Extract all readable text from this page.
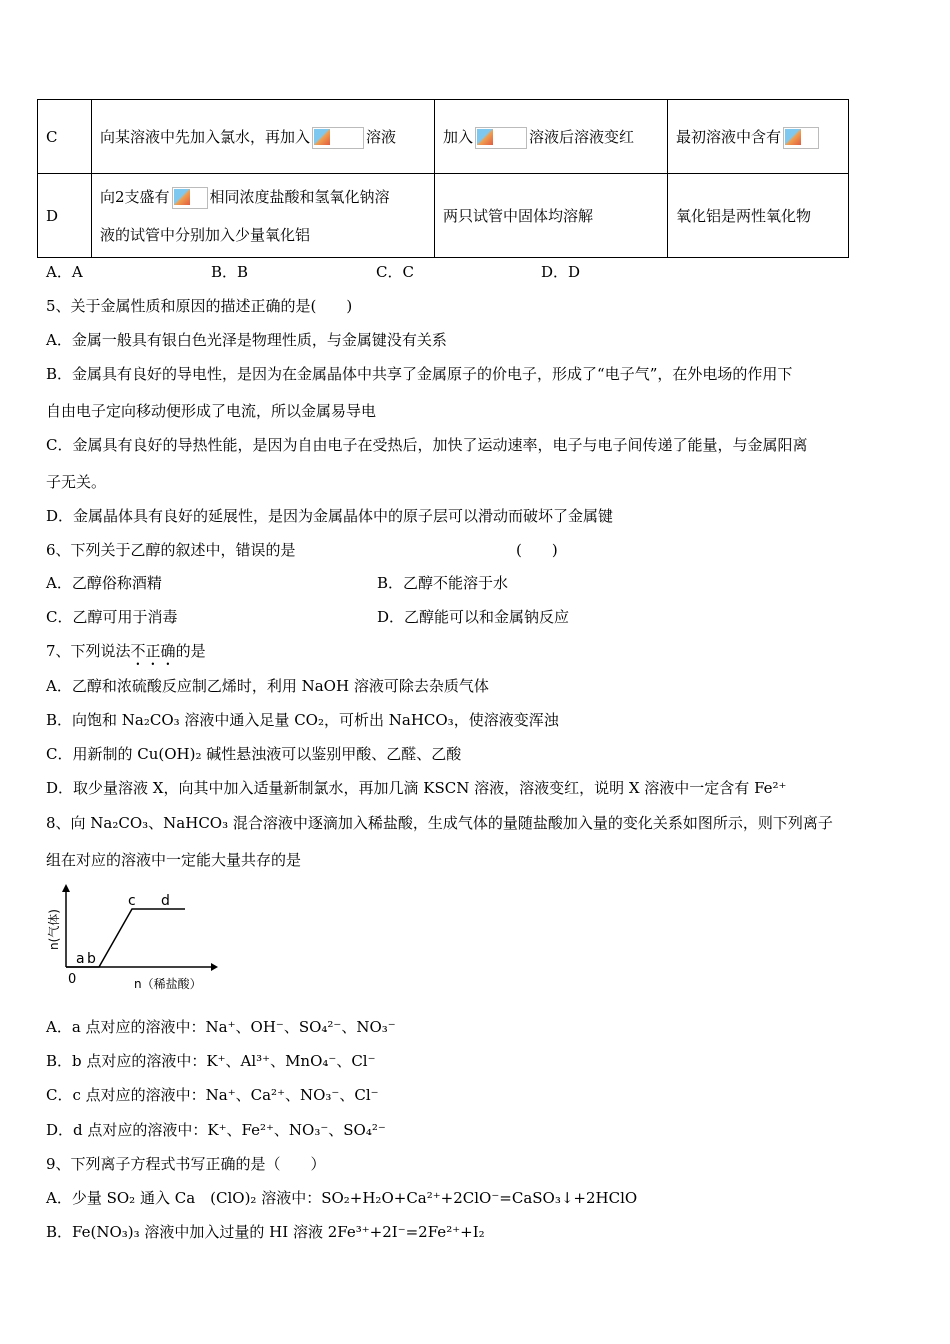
C	向某溶液中先加入氯水，再加入 溶液	加入 溶液后溶液变红	最初溶液中含有

D	向2支盛有 相同浓度盐酸和氢氧化钠溶
液的试管中分别加入少量氧化铝	两只试管中固体均溶解	氧化铝是两性氧化物
A．A	B．B	C．C	D．D
5、关于金属性质和原因的描述正确的是(　　)
A．金属一般具有银白色光泽是物理性质，与金属键没有关系
B．金属具有良好的导电性，是因为在金属晶体中共享了金属原子的价电子，形成了“电子气”，在外电场的作用下
自由电子定向移动便形成了电流，所以金属易导电
C．金属具有良好的导热性能，是因为自由电子在受热后，加快了运动速率，电子与电子间传递了能量，与金属阳离
子无关。
D．金属晶体具有良好的延展性，是因为金属晶体中的原子层可以滑动而破坏了金属键
6、下列关于乙醇的叙述中，错误的是	(　　)
A．乙醇俗称酒精	B．乙醇不能溶于水
C．乙醇可用于消毒	D．乙醇能可以和金属钠反应
7、下列说法不正确的是
A．乙醇和浓硫酸反应制乙烯时，利用 NaOH 溶液可除去杂质气体
B．向饱和 Na₂CO₃ 溶液中通入足量 CO₂，可析出 NaHCO₃，使溶液变浑浊
C．用新制的 Cu(OH)₂ 碱性悬浊液可以鉴别甲酸、乙醛、乙酸
D．取少量溶液 X，向其中加入适量新制氯水，再加几滴 KSCN 溶液，溶液变红，说明 X 溶液中一定含有 Fe²⁺
8、向 Na₂CO₃、NaHCO₃ 混合溶液中逐滴加入稀盐酸，生成气体的量随盐酸加入量的变化关系如图所示，则下列离子
组在对应的溶液中一定能大量共存的是
0
a b
c d
n（稀盐酸）
n(气体)
A．a 点对应的溶液中：Na⁺、OH⁻、SO₄²⁻、NO₃⁻
B．b 点对应的溶液中：K⁺、Al³⁺、MnO₄⁻、Cl⁻
C．c 点对应的溶液中：Na⁺、Ca²⁺、NO₃⁻、Cl⁻
D．d 点对应的溶液中：K⁺、Fe²⁺、NO₃⁻、SO₄²⁻
9、下列离子方程式书写正确的是（　　）
A．少量 SO₂ 通入 Ca　(ClO)₂ 溶液中：SO₂+H₂O+Ca²⁺+2ClO⁻=CaSO₃↓+2HClO
B．Fe(NO₃)₃ 溶液中加入过量的 HI 溶液 2Fe³⁺+2I⁻=2Fe²⁺+I₂
